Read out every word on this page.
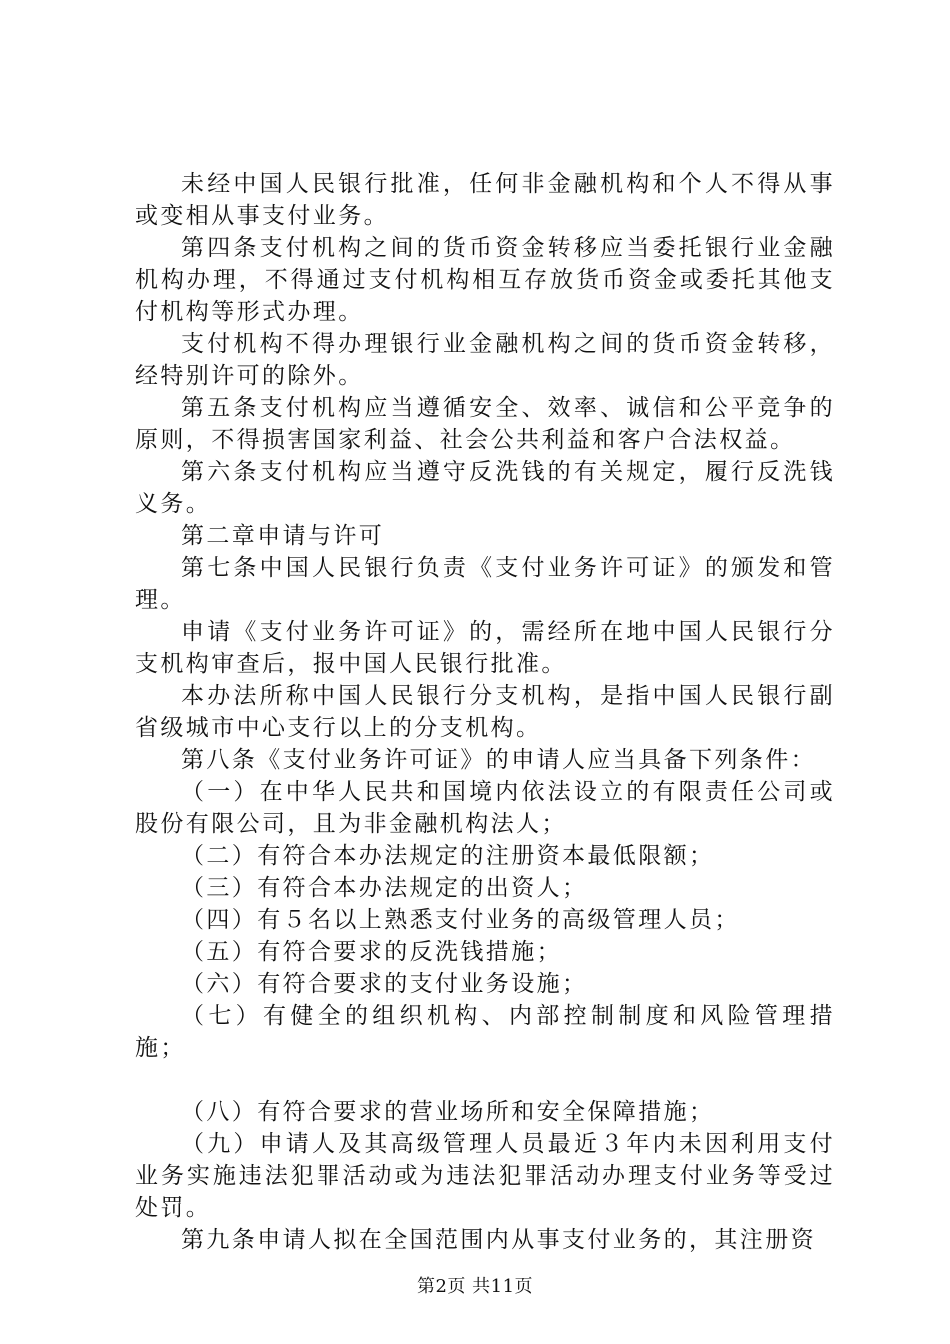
未经中国人民银行批准，任何非金融机构和个人不得从事或变相从事支付业务。

第四条支付机构之间的货币资金转移应当委托银行业金融机构办理，不得通过支付机构相互存放货币资金或委托其他支付机构等形式办理。

支付机构不得办理银行业金融机构之间的货币资金转移，经特别许可的除外。

第五条支付机构应当遵循安全、效率、诚信和公平竞争的原则，不得损害国家利益、社会公共利益和客户合法权益。

第六条支付机构应当遵守反洗钱的有关规定，履行反洗钱义务。

第二章申请与许可

第七条中国人民银行负责《支付业务许可证》的颁发和管理。

申请《支付业务许可证》的，需经所在地中国人民银行分支机构审查后，报中国人民银行批准。

本办法所称中国人民银行分支机构，是指中国人民银行副省级城市中心支行以上的分支机构。

第八条《支付业务许可证》的申请人应当具备下列条件：

（一）在中华人民共和国境内依法设立的有限责任公司或股份有限公司，且为非金融机构法人；

（二）有符合本办法规定的注册资本最低限额；

（三）有符合本办法规定的出资人；

（四）有５名以上熟悉支付业务的高级管理人员；

（五）有符合要求的反洗钱措施；

（六）有符合要求的支付业务设施；

（七）有健全的组织机构、内部控制制度和风险管理措施；

（八）有符合要求的营业场所和安全保障措施；

（九）申请人及其高级管理人员最近３年内未因利用支付业务实施违法犯罪活动或为违法犯罪活动办理支付业务等受过处罚。

第九条申请人拟在全国范围内从事支付业务的，其注册资

第2页 共11页
